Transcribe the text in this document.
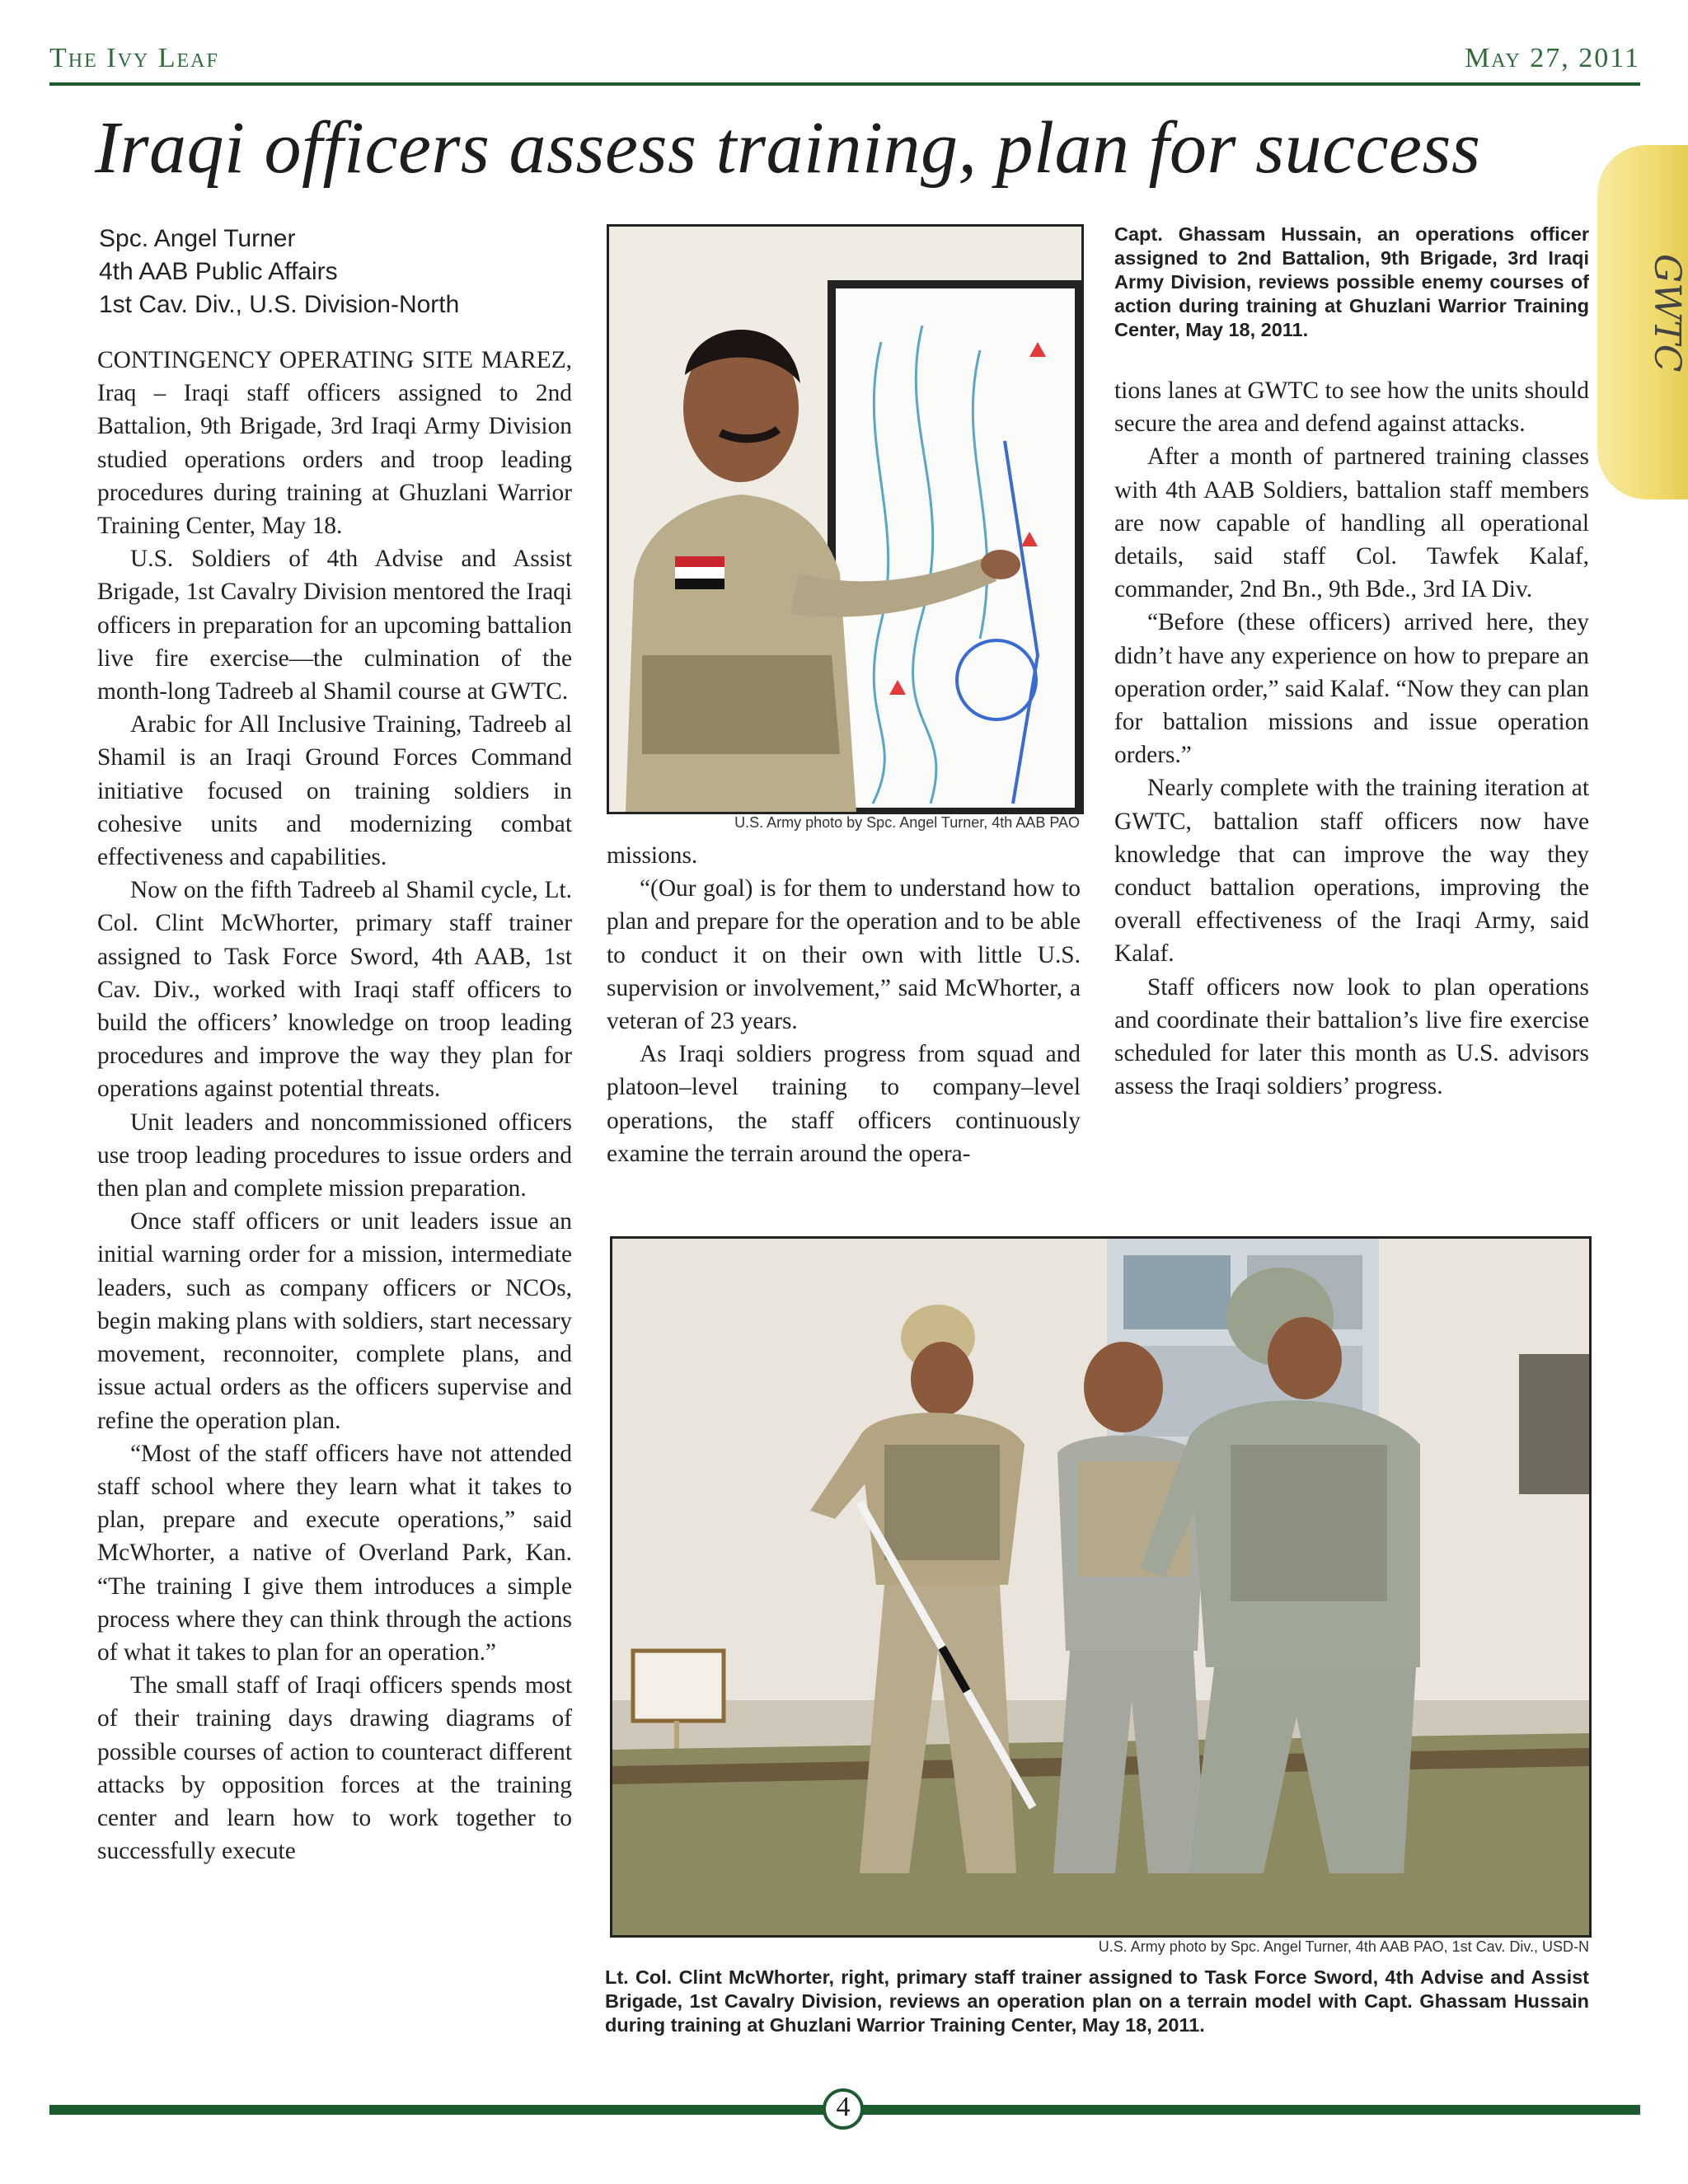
The Ivy Leaf	May 27, 2011
GWTC
Iraqi officers assess training, plan for success
Spc. Angel Turner
4th AAB Public Affairs
1st Cav. Div., U.S. Division-North

CONTINGENCY OPERATING SITE MAREZ, Iraq – Iraqi staff officers assigned to 2nd Battalion, 9th Brigade, 3rd Iraqi Army Division studied operations orders and troop leading procedures during training at Ghuzlani Warrior Training Center, May 18.

U.S. Soldiers of 4th Advise and Assist Brigade, 1st Cavalry Division mentored the Iraqi officers in preparation for an upcoming battalion live fire exercise—the culmination of the month-long Tadreeb al Shamil course at GWTC.

Arabic for All Inclusive Training, Tadreeb al Shamil is an Iraqi Ground Forces Command initiative focused on training soldiers in cohesive units and modernizing combat effectiveness and capabilities.

Now on the fifth Tadreeb al Shamil cycle, Lt. Col. Clint McWhorter, primary staff trainer assigned to Task Force Sword, 4th AAB, 1st Cav. Div., worked with Iraqi staff officers to build the officers’ knowledge on troop leading procedures and improve the way they plan for operations against potential threats.

Unit leaders and noncommissioned officers use troop leading procedures to issue orders and then plan and complete mission preparation.

Once staff officers or unit leaders issue an initial warning order for a mission, intermediate leaders, such as company officers or NCOs, begin making plans with soldiers, start necessary movement, reconnoiter, complete plans, and issue actual orders as the officers supervise and refine the operation plan.

“Most of the staff officers have not attended staff school where they learn what it takes to plan, prepare and execute operations,” said McWhorter, a native of Overland Park, Kan. “The training I give them introduces a simple process where they can think through the actions of what it takes to plan for an operation.”

The small staff of Iraqi officers spends most of their training days drawing diagrams of possible courses of action to counteract different attacks by opposition forces at the training center and learn how to work together to successfully execute

U.S. Army photo by Spc. Angel Turner, 4th AAB PAO

missions.

“(Our goal) is for them to understand how to plan and prepare for the operation and to be able to conduct it on their own with little U.S. supervision or involvement,” said McWhorter, a veteran of 23 years.

As Iraqi soldiers progress from squad and platoon–level training to company–level operations, the staff officers continuously examine the terrain around the opera-

Capt. Ghassam Hussain, an operations officer assigned to 2nd Battalion, 9th Brigade, 3rd Iraqi Army Division, reviews possible enemy courses of action during training at Ghuzlani Warrior Training Center, May 18, 2011.

tions lanes at GWTC to see how the units should secure the area and defend against attacks.

After a month of partnered training classes with 4th AAB Soldiers, battalion staff members are now capable of handling all operational details, said staff Col. Tawfek Kalaf, commander, 2nd Bn., 9th Bde., 3rd IA Div.

“Before (these officers) arrived here, they didn’t have any experience on how to prepare an operation order,” said Kalaf. “Now they can plan for battalion missions and issue operation orders.”

Nearly complete with the training iteration at GWTC, battalion staff officers now have knowledge that can improve the way they conduct battalion operations, improving the overall effectiveness of the Iraqi Army, said Kalaf.

Staff officers now look to plan operations and coordinate their battalion’s live fire exercise scheduled for later this month as U.S. advisors assess the Iraqi soldiers’ progress.

U.S. Army photo by Spc. Angel Turner, 4th AAB PAO, 1st Cav. Div., USD-N
Lt. Col. Clint McWhorter, right, primary staff trainer assigned to Task Force Sword, 4th Advise and Assist Brigade, 1st Cavalry Division, reviews an operation plan on a terrain model with Capt. Ghassam Hussain during training at Ghuzlani Warrior Training Center, May 18, 2011.
4
